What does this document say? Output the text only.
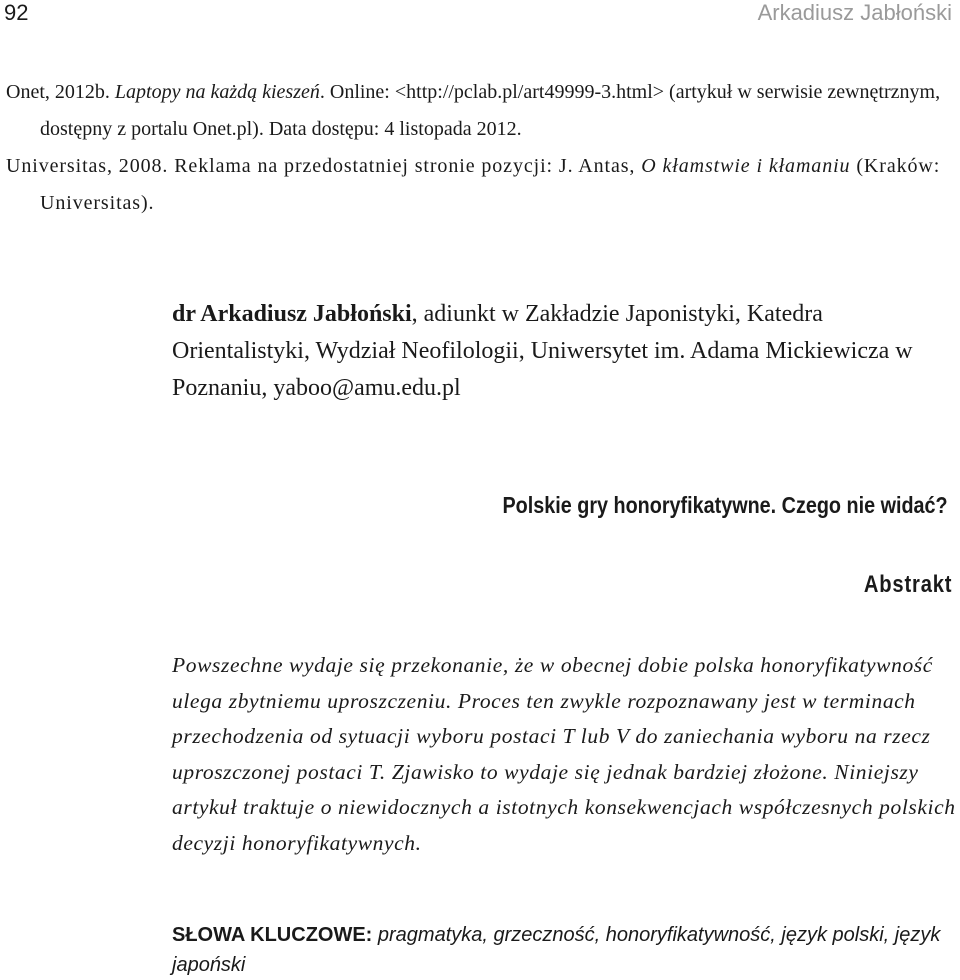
92	Arkadiusz Jabłoński

Onet, 2012b. Laptopy na każdą kieszeń. Online: <http://pclab.pl/art49999-3.html> (artykuł w serwisie zewnętrznym, dostępny z portalu Onet.pl). Data dostępu: 4 listopada 2012.

Universitas, 2008. Reklama na przedostatniej stronie pozycji: J. Antas, O kłamstwie i kłamaniu (Kraków: Universitas).

dr Arkadiusz Jabłoński, adiunkt w Zakładzie Japonistyki, Katedra Orientalistyki, Wydział Neofilologii, Uniwersytet im. Adama Mickiewicza w Poznaniu, yaboo@amu.edu.pl
Polskie gry honoryfikatywne. Czego nie widać?
Abstrakt
Powszechne wydaje się przekonanie, że w obecnej dobie polska honoryfikatywność ulega zbytniemu uproszczeniu. Proces ten zwykle rozpoznawany jest w terminach przechodzenia od sytuacji wyboru postaci T lub V do zaniechania wyboru na rzecz uproszczonej postaci T. Zjawisko to wydaje się jednak bardziej złożone. Niniejszy artykuł traktuje o niewidocznych a istotnych konsekwencjach współczesnych polskich decyzji honoryfikatywnych.
SŁOWA KLUCZOWE: pragmatyka, grzeczność, honoryfikatywność, język polski, język japoński
